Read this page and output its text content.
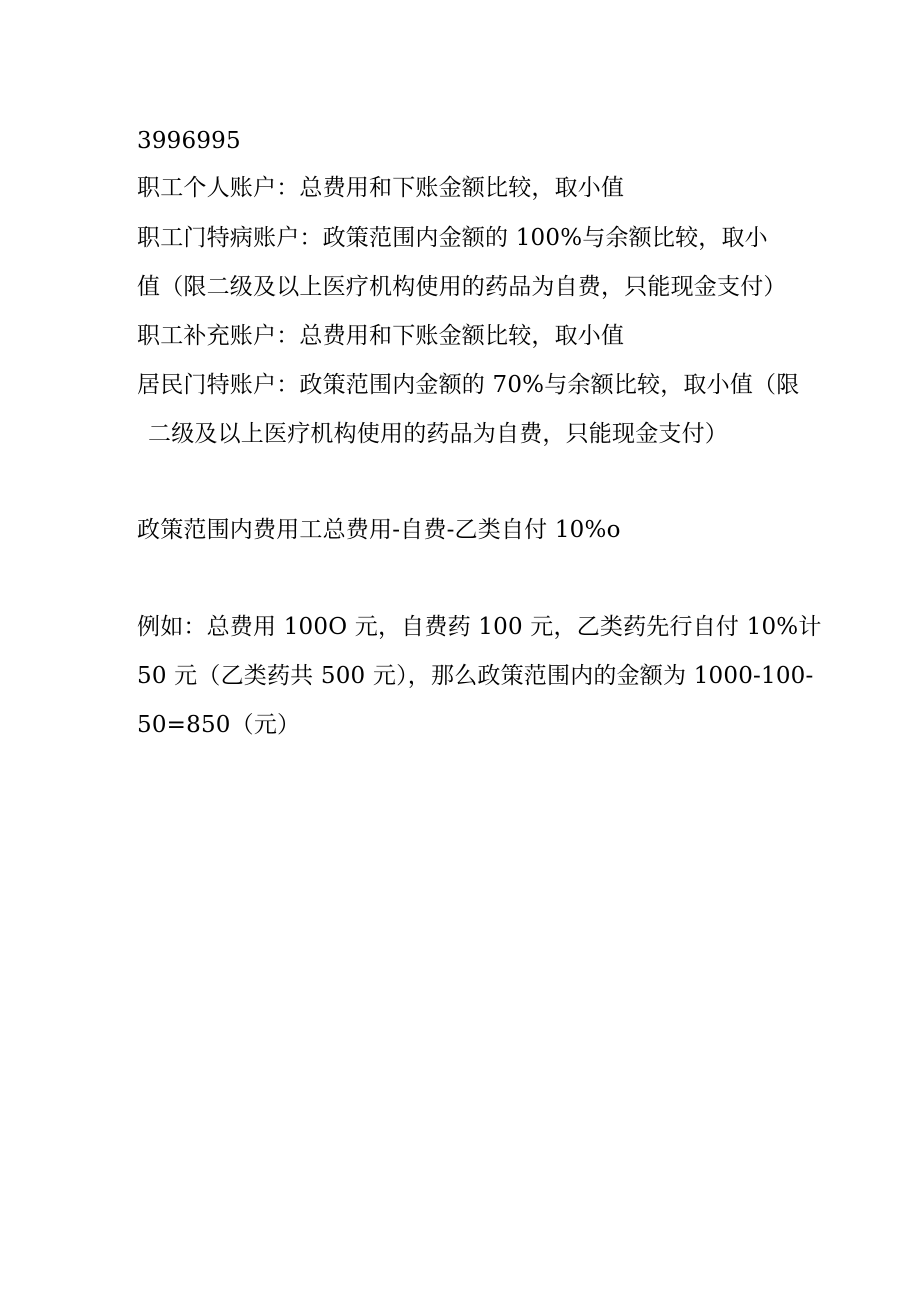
3996995
职工个人账户：总费用和下账金额比较，取小值
职工门特病账户：政策范围内金额的 100%与余额比较，取小
值（限二级及以上医疗机构使用的药品为自费，只能现金支付）
职工补充账户：总费用和下账金额比较，取小值
居民门特账户：政策范围内金额的 70%与余额比较，取小值（限
二级及以上医疗机构使用的药品为自费，只能现金支付）
政策范围内费用工总费用-自费-乙类自付 10%o
例如：总费用 100O 元，自费药 100 元，乙类药先行自付 10%计
50 元（乙类药共 500 元），那么政策范围内的金额为 1000-100-
50=850（元）
